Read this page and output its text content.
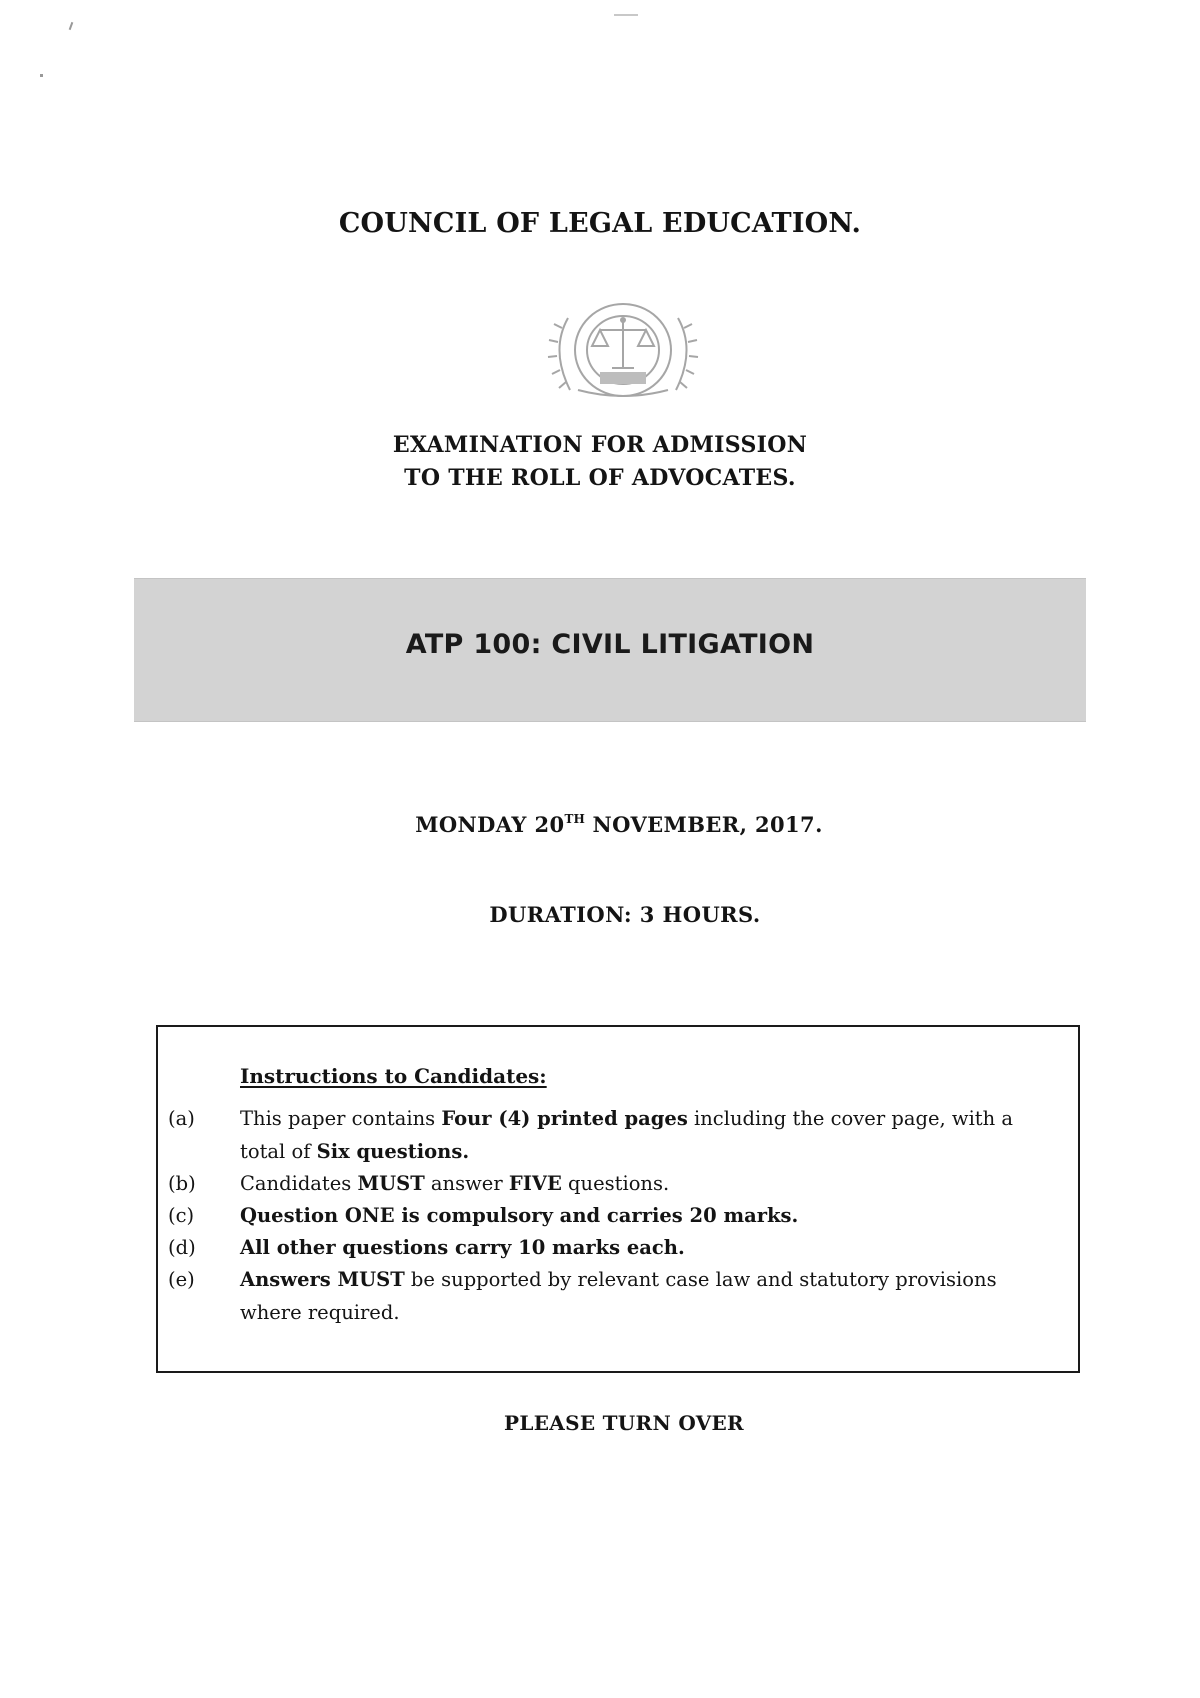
COUNCIL OF LEGAL EDUCATION.
EXAMINATION FOR ADMISSION
TO THE ROLL OF ADVOCATES.
ATP 100: CIVIL LITIGATION
MONDAY 20TH NOVEMBER, 2017.
DURATION: 3 HOURS.
Instructions to Candidates:
(a) This paper contains Four (4) printed pages including the cover page, with a total of Six questions.
(b) Candidates MUST answer FIVE questions.
(c) Question ONE is compulsory and carries 20 marks.
(d) All other questions carry 10 marks each.
(e) Answers MUST be supported by relevant case law and statutory provisions where required.
PLEASE TURN OVER
